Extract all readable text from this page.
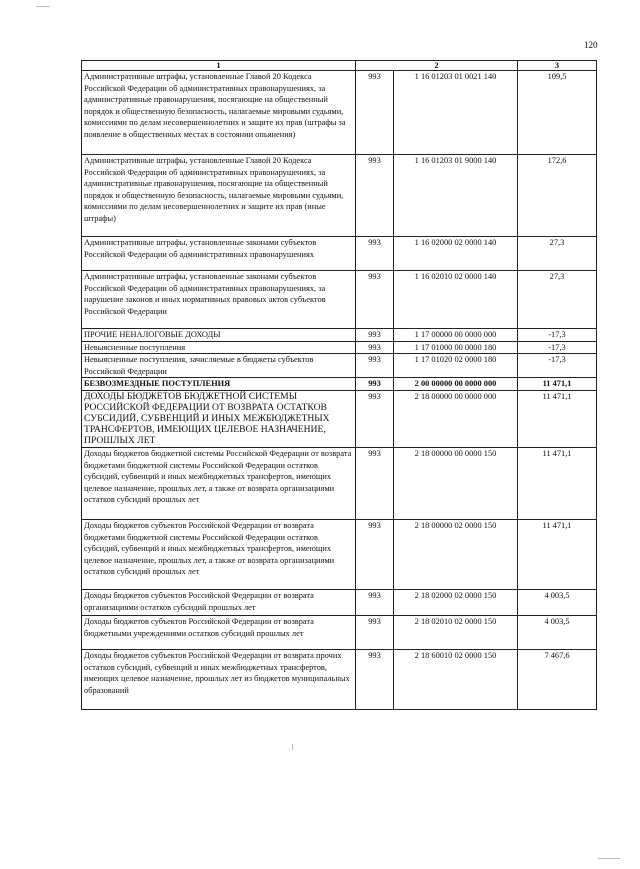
120
1	2		3
Административные штрафы, установленные Главой 20 Кодекса Российской Федерации об административных правонарушениях, за административные правонарушения, посягающие на общественный порядок и общественную безопасность, налагаемые мировыми судьями, комиссиями по делам несовершеннолетних и защите их прав (штрафы за появление в общественных местах в состоянии опьянения)	993	1 16 01203 01 0021 140	109,5
Административные штрафы, установленные Главой 20 Кодекса Российской Федерации об административных правонарушениях, за административные правонарушения, посягающие на общественный порядок и общественную безопасность, налагаемые мировыми судьями, комиссиями по делам несовершеннолетних и защите их прав (иные штрафы)	993	1 16 01203 01 9000 140	172,6
Административные штрафы, установленные законами субъектов Российской Федерации об административных правонарушениях	993	1 16 02000 02 0000 140	27,3
Административные штрафы, установленные законами субъектов Российской Федерации об административных правонарушениях, за нарушение законов и иных нормативных правовых актов субъектов Российской Федерации	993	1 16 02010 02 0000 140	27,3
ПРОЧИЕ НЕНАЛОГОВЫЕ ДОХОДЫ	993	1 17 00000 00 0000 000	-17,3
Невыясненные поступления	993	1 17 01000 00 0000 180	-17,3
Невыясненные поступления, зачисляемые в бюджеты субъектов Российской Федерации	993	1 17 01020 02 0000 180	-17,3
БЕЗВОЗМЕЗДНЫЕ ПОСТУПЛЕНИЯ	993	2 00 00000 00 0000 000	11 471,1
ДОХОДЫ БЮДЖЕТОВ БЮДЖЕТНОЙ СИСТЕМЫ РОССИЙСКОЙ ФЕДЕРАЦИИ ОТ ВОЗВРАТА ОСТАТКОВ СУБСИДИЙ, СУБВЕНЦИЙ И ИНЫХ МЕЖБЮДЖЕТНЫХ ТРАНСФЕРТОВ, ИМЕЮЩИХ ЦЕЛЕВОЕ НАЗНАЧЕНИЕ, ПРОШЛЫХ ЛЕТ	993	2 18 00000 00 0000 000	11 471,1
Доходы бюджетов бюджетной системы Российской Федерации от возврата бюджетами бюджетной системы Российской Федерации остатков субсидий, субвенций и иных межбюджетных трансфертов, имеющих целевое назначение, прошлых лет, а также от возврата организациями остатков субсидий прошлых лет	993	2 18 00000 00 0000 150	11 471,1
Доходы бюджетов субъектов Российской Федерации от возврата бюджетами бюджетной системы Российской Федерации остатков субсидий, субвенций и иных межбюджетных трансфертов, имеющих целевое назначение, прошлых лет, а также от возврата организациями остатков субсидий прошлых лет	993	2 18 00000 02 0000 150	11 471,1
Доходы бюджетов субъектов Российской Федерации от возврата организациями остатков субсидий прошлых лет	993	2 18 02000 02 0000 150	4 003,5
Доходы бюджетов субъектов Российской Федерации от возврата бюджетными учреждениями остатков субсидий прошлых лет	993	2 18 02010 02 0000 150	4 003,5
Доходы бюджетов субъектов Российской Федерации от возврата прочих остатков субсидий, субвенций и иных межбюджетных трансфертов, имеющих целевое назначение, прошлых лет из бюджетов муниципальных образований	993	2 18 60010 02 0000 150	7 467,6
